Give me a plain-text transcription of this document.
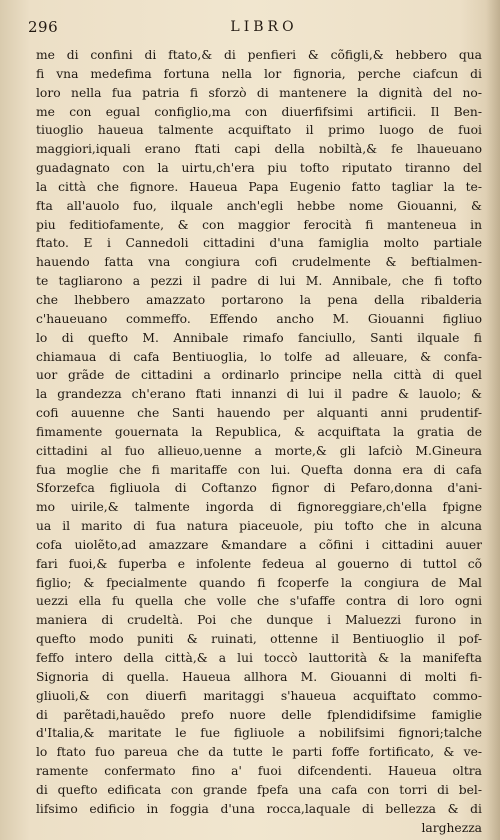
296	LIBRO
me di confini di ftato,& di penfieri & cõfigli,& hebbero qua
fi vna medefima fortuna nella lor fignoria, perche ciafcun di
loro nella fua patria fi sforzò di mantenere la dignità del no-
me con egual configlio,ma con diuerfifsimi artificii. Il Ben-
tiuoglio haueua talmente acquiftato il primo luogo de fuoi
maggiori,iquali erano ftati capi della nobiltà,& fe lhaueuano
guadagnato con la uirtu,ch'era piu tofto riputato tiranno del
la città che fignore. Haueua Papa Eugenio fatto tagliar la te-
fta all'auolo fuo, ilquale anch'egli hebbe nome Giouanni, &
piu feditiofamente, & con maggior ferocità fi manteneua in
ftato. E i Cannedoli cittadini d'una famiglia molto partiale
hauendo fatta vna congiura cofi crudelmente & beftialmen-
te tagliarono a pezzi il padre di lui M. Annibale, che fi tofto
che lhebbero amazzato portarono la pena della ribalderia
c'haueuano commeffo. Effendo ancho M. Giouanni figliuo
lo di quefto M. Annibale rimafo fanciullo, Santi ilquale fi
chiamaua di cafa Bentiuoglia, lo tolfe ad alleuare, & confa-
uor grãde de cittadini a ordinarlo principe nella città di quel
la grandezza ch'erano ftati innanzi di lui il padre & lauolo; &
cofi auuenne che Santi hauendo per alquanti anni prudentif-
fimamente gouernata la Republica, & acquiftata la gratia de
cittadini al fuo allieuo,uenne a morte,& gli lafciò M.Gineura
fua moglie che fi maritaffe con lui. Quefta donna era di cafa
Sforzefca figliuola di Coftanzo fignor di Pefaro,donna d'ani-
mo uirile,& talmente ingorda di fignoreggiare,ch'ella fpigne
ua il marito di fua natura piaceuole, piu tofto che in alcuna
cofa uiolẽto,ad amazzare &mandare a cõfini i cittadini auuer
fari fuoi,& fuperba e infolente fedeua al gouerno di tuttol cõ
figlio; & fpecialmente quando fi fcoperfe la congiura de Mal
uezzi ella fu quella che volle che s'ufaffe contra di loro ogni
maniera di crudeltà. Poi che dunque i Maluezzi furono in
quefto modo puniti & ruinati, ottenne il Bentiuoglio il pof-
feffo intero della città,& a lui toccò lauttorità & la manifefta
Signoria di quella. Haueua allhora M. Giouanni di molti fi-
gliuoli,& con diuerfi maritaggi s'haueua acquiftato commo-
di parẽtadi,hauẽdo prefo nuore delle fplendidifsime famiglie
d'Italia,& maritate le fue figliuole a nobilifsimi fignori;talche
lo ftato fuo pareua che da tutte le parti foffe fortificato, & ve-
ramente confermato fino a' fuoi difcendenti. Haueua oltra
di quefto edificata con grande fpefa una cafa con torri di bel-
lifsimo edificio in foggia d'una rocca,laquale di bellezza & di
larghezza
